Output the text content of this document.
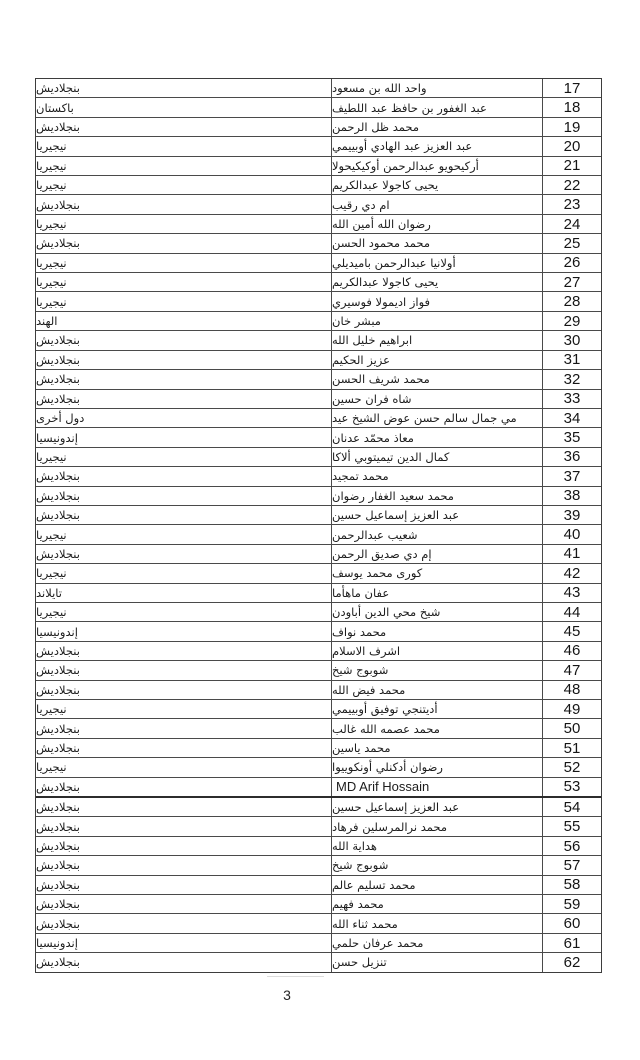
بنجلاديش	واحد الله بن مسعود	17
باكستان	عبد الغفور بن حافظ عبد اللطيف	18
بنجلاديش	محمد ظل الرحمن	19
نيجيريا	عبد العزيز عبد الهادي أوبييمي	20
نيجيريا	أركيحويو عبدالرحمن أوكيكيحولا	21
نيجيريا	يحيى كاجولا عبدالكريم	22
بنجلاديش	ام دي رقيب	23
نيجيريا	رضوان الله أمين الله	24
بنجلاديش	محمد محمود الحسن	25
نيجيريا	أولانيا عبدالرحمن باميديلي	26
نيجيريا	يحيى كاجولا عبدالكريم	27
نيجيريا	فواز اديمولا فوسيري	28
الهند	مبشر خان	29
بنجلاديش	ابراهيم خليل الله	30
بنجلاديش	عزيز الحكيم	31
بنجلاديش	محمد شريف الحسن	32
بنجلاديش	شاه فران حسين	33
دول أخرى	مي جمال سالم حسن عوض الشيخ عيد	34
إندونيسيا	معاذ محمّد عدنان	35
نيجيريا	كمال الدين تيميتوبي ألاكا	36
بنجلاديش	محمد تمجيد	37
بنجلاديش	محمد سعيد الغفار رضوان	38
بنجلاديش	عبد العزيز إسماعيل حسين	39
نيجيريا	شعيب عبدالرحمن	40
بنجلاديش	إم دي صديق الرحمن	41
نيجيريا	كورى محمد يوسف	42
تايلاند	عفان ماهأما	43
نيجيريا	شيخ محي الدين أباودن	44
إندونيسيا	محمد نواف	45
بنجلاديش	اشرف الاسلام	46
بنجلاديش	شوبوج شيخ	47
بنجلاديش	محمد فيض الله	48
نيجيريا	أديتنجي توفيق أوبييمي	49
بنجلاديش	محمد عصمه الله غالب	50
بنجلاديش	محمد ياسين	51
نيجيريا	رضوان أدكنلي أونكوييوا	52
بنجلاديش	MD Arif Hossain	53
بنجلاديش	عبد العزيز إسماعيل حسين	54
بنجلاديش	محمد نرالمرسلين فرهاد	55
بنجلاديش	هداية الله	56
بنجلاديش	شوبوج شيخ	57
بنجلاديش	محمد تسليم عالم	58
بنجلاديش	محمد فهيم	59
بنجلاديش	محمد ثناء الله	60
إندونيسيا	محمد عرفان حلمي	61
بنجلاديش	تنزيل حسن	62
3
